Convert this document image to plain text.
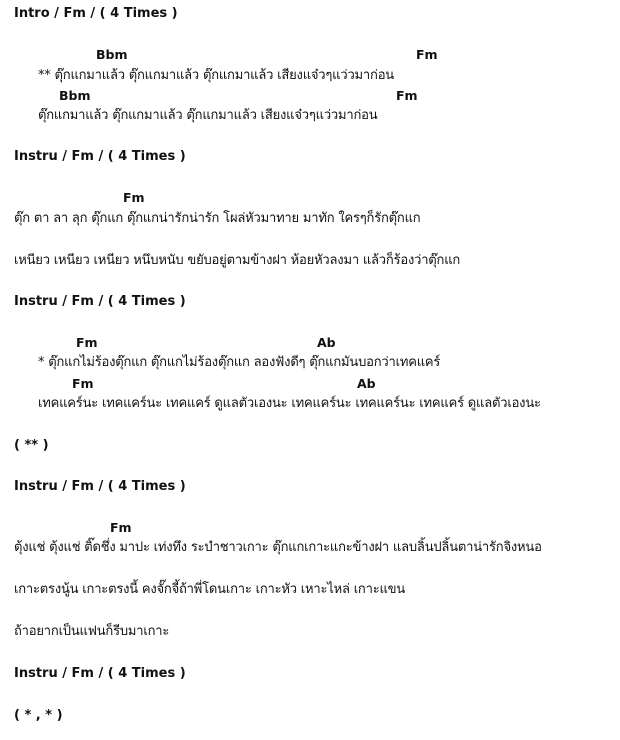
Intro / Fm / ( 4 Times )
Bbm	Fm
** ตุ๊กแกมาแล้ว ตุ๊กแกมาแล้ว ตุ๊กแกมาแล้ว เสียงแจ๋วๆแว่วมาก่อน
Bbm	Fm
ตุ๊กแกมาแล้ว ตุ๊กแกมาแล้ว ตุ๊กแกมาแล้ว เสียงแจ๋วๆแว่วมาก่อน
Instru / Fm / ( 4 Times )
Fm
ตุ๊ก ตา ลา ลุก ตุ๊กแก ตุ๊กแกน่ารักน่ารัก โผล่หัวมาทาย มาทัก ใครๆก็รักตุ๊กแก
เหนียว เหนียว เหนียว หนึบหนับ ขยับอยู่ตามข้างฝา ห้อยหัวลงมา แล้วก็ร้องว่าตุ๊กแก
Instru / Fm / ( 4 Times )
Fm	Ab
* ตุ๊กแกไม่ร้องตุ๊กแก ตุ๊กแกไม่ร้องตุ๊กแก ลองฟังดีๆ ตุ๊กแกมันบอกว่าเทคแคร์
Fm	Ab
เทคแคร์นะ เทคแคร์นะ เทคแคร์ ดูแลตัวเองนะ เทคแคร์นะ เทคแคร์นะ เทคแคร์ ดูแลตัวเองนะ
( ** )
Instru / Fm / ( 4 Times )
Fm
ตุ้งแช่ ตุ้งแช่ ติ๊ดชึ่ง มาปะ เท่งทึง ระบำชาวเกาะ ตุ๊กแกเกาะแกะข้างฝา แลบลิ้นปลิ้นตาน่ารักจิงหนอ
เกาะตรงนู้น เกาะตรงนี้ คงจั๊กจี้ถ้าพี่โดนเกาะ เกาะหัว เหาะไหล่ เกาะแขน
ถ้าอยากเป็นแฟนก็รีบมาเกาะ
Instru / Fm / ( 4 Times )
( * , * )
